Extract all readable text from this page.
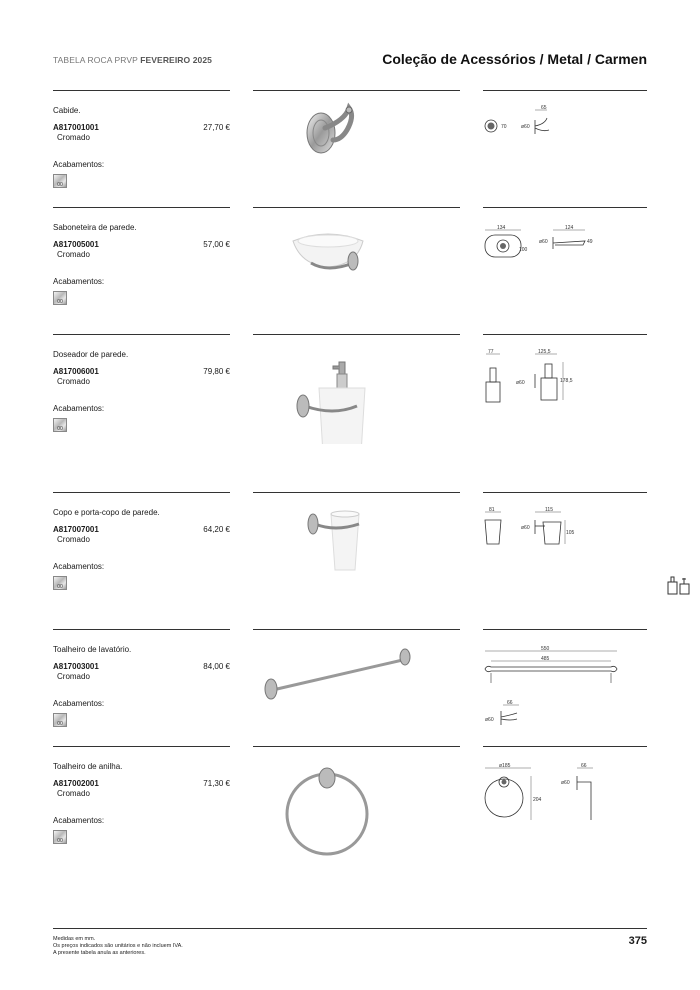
TABELA ROCA PRVP FEVEREIRO 2025	Coleção de Acessórios / Metal / Carmen
Cabide.
A817001001
Cromado
27,70 €
Acabamentos:
00
70	ø60
65
Saboneteira de parede.
A817005001
Cromado
57,00 €
Acabamentos:
00
134
100
ø60
124
49
Doseador de parede.
A817006001
Cromado
79,80 €
Acabamentos:
00
77
ø60
125,5
178,5
Copo e porta-copo de parede.
A817007001
Cromado
64,20 €
Acabamentos:
00
81
ø60
115
105
Toalheiro de lavatório.
A817003001
Cromado
84,00 €
Acabamentos:
00
550
485
66
ø60
Toalheiro de anilha.
A817002001
Cromado
71,30 €
Acabamentos:
00
ø185
204
66
ø60
Medidas em mm.
Os preços indicados são unitários e não incluem IVA.
A presente tabela anula as anteriores.
375
